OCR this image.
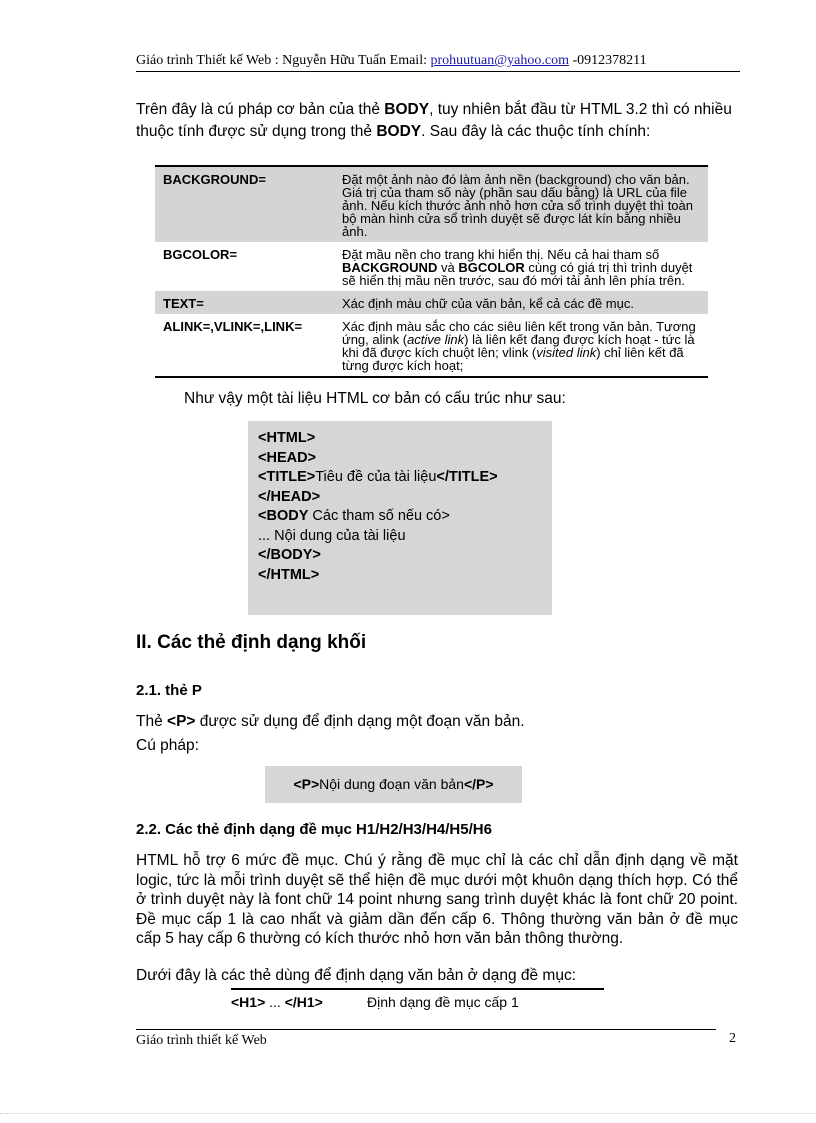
Giáo trình Thiết kế Web : Nguyễn Hữu Tuấn Email: prohuutuan@yahoo.com -0912378211
Trên đây là cú pháp cơ bản của thẻ BODY, tuy nhiên bắt đầu từ HTML 3.2 thì có nhiều thuộc tính được sử dụng trong thẻ BODY. Sau đây là các thuộc tính chính:
BACKGROUND=	Đặt một ảnh nào đó làm ảnh nền (background) cho văn bản. Giá trị của tham số này (phần sau dấu bằng) là URL của file ảnh. Nếu kích thước ảnh nhỏ hơn cửa sổ trình duyệt thì toàn bộ màn hình cửa sổ trình duyệt sẽ được lát kín bằng nhiều ảnh.
BGCOLOR=	Đặt mầu nền cho trang khi hiển thị. Nếu cả hai tham số BACKGROUND và BGCOLOR cùng có giá trị thì trình duyệt sẽ hiển thị mầu nền trước, sau đó mới tải ảnh lên phía trên.
TEXT=	Xác định màu chữ của văn bản, kể cả các đề mục.
ALINK=,VLINK=,LINK=	Xác định màu sắc cho các siêu liên kết trong văn bản. Tương ứng, alink (active link) là liên kết đang được kích hoạt - tức là khi đã được kích chuột lên; vlink (visited link) chỉ liên kết đã từng được kích hoạt;
Như vậy một tài liệu HTML cơ bản có cấu trúc như sau:
<HTML>
<HEAD>
<TITLE>Tiêu đề của tài liệu</TITLE>
</HEAD>
<BODY Các tham số nếu có>
... Nội dung của tài liệu
</BODY>
</HTML>
II. Các thẻ định dạng khối
2.1. thẻ P
Thẻ <P> được sử dụng để định dạng một đoạn văn bản.
Cú pháp:
<P>Nội dung đoạn văn bản</P>
2.2. Các thẻ định dạng đề mục H1/H2/H3/H4/H5/H6
HTML hỗ trợ 6 mức đề mục. Chú ý rằng đề mục chỉ là các chỉ dẫn định dạng về mặt logic, tức là mỗi trình duyệt sẽ thể hiện đề mục dưới một khuôn dạng thích hợp. Có thể ở trình duyệt này là font chữ 14 point nhưng sang trình duyệt khác là font chữ 20 point. Đề mục cấp 1 là cao nhất và giảm dần đến cấp 6. Thông thường văn bản ở đề mục cấp 5 hay cấp 6 thường có kích thước nhỏ hơn văn bản thông thường.
Dưới đây là các thẻ dùng để định dạng văn bản ở dạng đề mục:
<H1> ... </H1>	Định dạng đề mục cấp 1
Giáo trình thiết kế Web	2
